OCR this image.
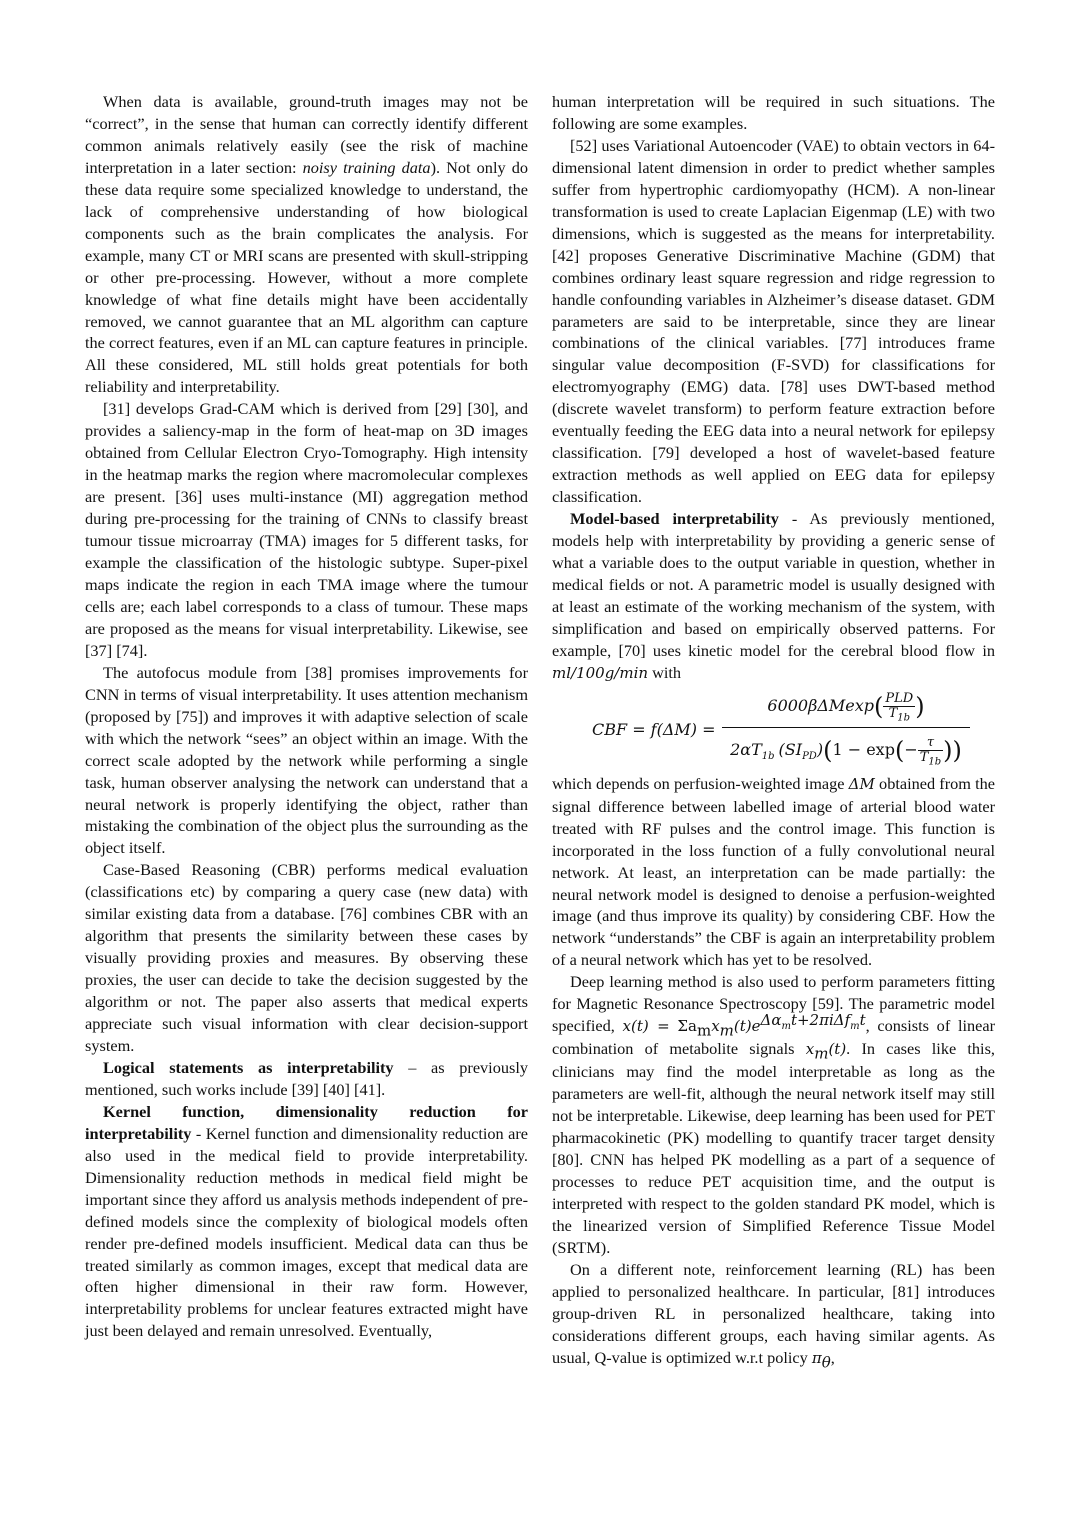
When data is available, ground-truth images may not be “correct”, in the sense that human can correctly identify different common animals relatively easily (see the risk of machine interpretation in a later section: noisy training data). Not only do these data require some specialized knowledge to understand, the lack of comprehensive understanding of how biological components such as the brain complicates the analysis. For example, many CT or MRI scans are presented with skull-stripping or other pre-processing. However, without a more complete knowledge of what fine details might have been accidentally removed, we cannot guarantee that an ML algorithm can capture the correct features, even if an ML can capture features in principle. All these considered, ML still holds great potentials for both reliability and interpretability.

[31] develops Grad-CAM which is derived from [29] [30], and provides a saliency-map in the form of heat-map on 3D images obtained from Cellular Electron Cryo-Tomography. High intensity in the heatmap marks the region where macromolecular complexes are present. [36] uses multi-instance (MI) aggregation method during pre-processing for the training of CNNs to classify breast tumour tissue microarray (TMA) images for 5 different tasks, for example the classification of the histologic subtype. Super-pixel maps indicate the region in each TMA image where the tumour cells are; each label corresponds to a class of tumour. These maps are proposed as the means for visual interpretability. Likewise, see [37] [74].

The autofocus module from [38] promises improvements for CNN in terms of visual interpretability. It uses attention mechanism (proposed by [75]) and improves it with adaptive selection of scale with which the network “sees” an object within an image. With the correct scale adopted by the network while performing a single task, human observer analysing the network can understand that a neural network is properly identifying the object, rather than mistaking the combination of the object plus the surrounding as the object itself.

Case-Based Reasoning (CBR) performs medical evaluation (classifications etc) by comparing a query case (new data) with similar existing data from a database. [76] combines CBR with an algorithm that presents the similarity between these cases by visually providing proxies and measures. By observing these proxies, the user can decide to take the decision suggested by the algorithm or not. The paper also asserts that medical experts appreciate such visual information with clear decision-support system.

Logical statements as interpretability – as previously mentioned, such works include [39] [40] [41].

Kernel function, dimensionality reduction for interpretability - Kernel function and dimensionality reduction are also used in the medical field to provide interpretability. Dimensionality reduction methods in medical field might be important since they afford us analysis methods independent of pre-defined models since the complexity of biological models often render pre-defined models insufficient. Medical data can thus be treated similarly as common images, except that medical data are often higher dimensional in their raw form. However, interpretability problems for unclear features extracted might have just been delayed and remain unresolved. Eventually,

human interpretation will be required in such situations. The following are some examples.

[52] uses Variational Autoencoder (VAE) to obtain vectors in 64-dimensional latent dimension in order to predict whether samples suffer from hypertrophic cardiomyopathy (HCM). A non-linear transformation is used to create Laplacian Eigenmap (LE) with two dimensions, which is suggested as the means for interpretability. [42] proposes Generative Discriminative Machine (GDM) that combines ordinary least square regression and ridge regression to handle confounding variables in Alzheimer’s disease dataset. GDM parameters are said to be interpretable, since they are linear combinations of the clinical variables. [77] introduces frame singular value decomposition (F-SVD) for classifications for electromyography (EMG) data. [78] uses DWT-based method (discrete wavelet transform) to perform feature extraction before eventually feeding the EEG data into a neural network for epilepsy classification. [79] developed a host of wavelet-based feature extraction methods as well applied on EEG data for epilepsy classification.

Model-based interpretability - As previously mentioned, models help with interpretability by providing a generic sense of what a variable does to the output variable in question, whether in medical fields or not. A parametric model is usually designed with at least an estimate of the working mechanism of the system, with simplification and based on empirically observed patterns. For example, [70] uses kinetic model for the cerebral blood flow in ml/100g/min with

CBF = f(ΔM) =
$6000\beta\Delta Mexp( \frac{\text{PLD}}{T_{1b}}$ )
$2\alpha T_{1b}$ $(SI_{PD})(1 - \exp(- \frac{\tau}{T_{1b}}$ ))

which depends on perfusion-weighted image ΔM obtained from the signal difference between labelled image of arterial blood water treated with RF pulses and the control image. This function is incorporated in the loss function of a fully convolutional neural network. At least, an interpretation can be made partially: the neural network model is designed to denoise a perfusion-weighted image (and thus improve its quality) by considering CBF. How the network “understands” the CBF is again an interpretability problem of a neural network which has yet to be resolved.

Deep learning method is also used to perform parameters fitting for Magnetic Resonance Spectroscopy [59]. The parametric model specified, $x(t) = \Sigma a_mx_m(t)e^{\Delta\alpha_mt+2\pi i\Delta f_mt}$, consists of linear combination of metabolite signals $x_m(t)$. In cases like this, clinicians may find the model interpretable as long as the parameters are well-fit, although the neural network itself may still not be interpretable. Likewise, deep learning has been used for PET pharmacokinetic (PK) modelling to quantify tracer target density [80]. CNN has helped PK modelling as a part of a sequence of processes to reduce PET acquisition time, and the output is interpreted with respect to the golden standard PK model, which is the linearized version of Simplified Reference Tissue Model (SRTM).

On a different note, reinforcement learning (RL) has been applied to personalized healthcare. In particular, [81] introduces group-driven RL in personalized healthcare, taking into considerations different groups, each having similar agents. As usual, Q-value is optimized w.r.t policy $\pi_\theta$,
